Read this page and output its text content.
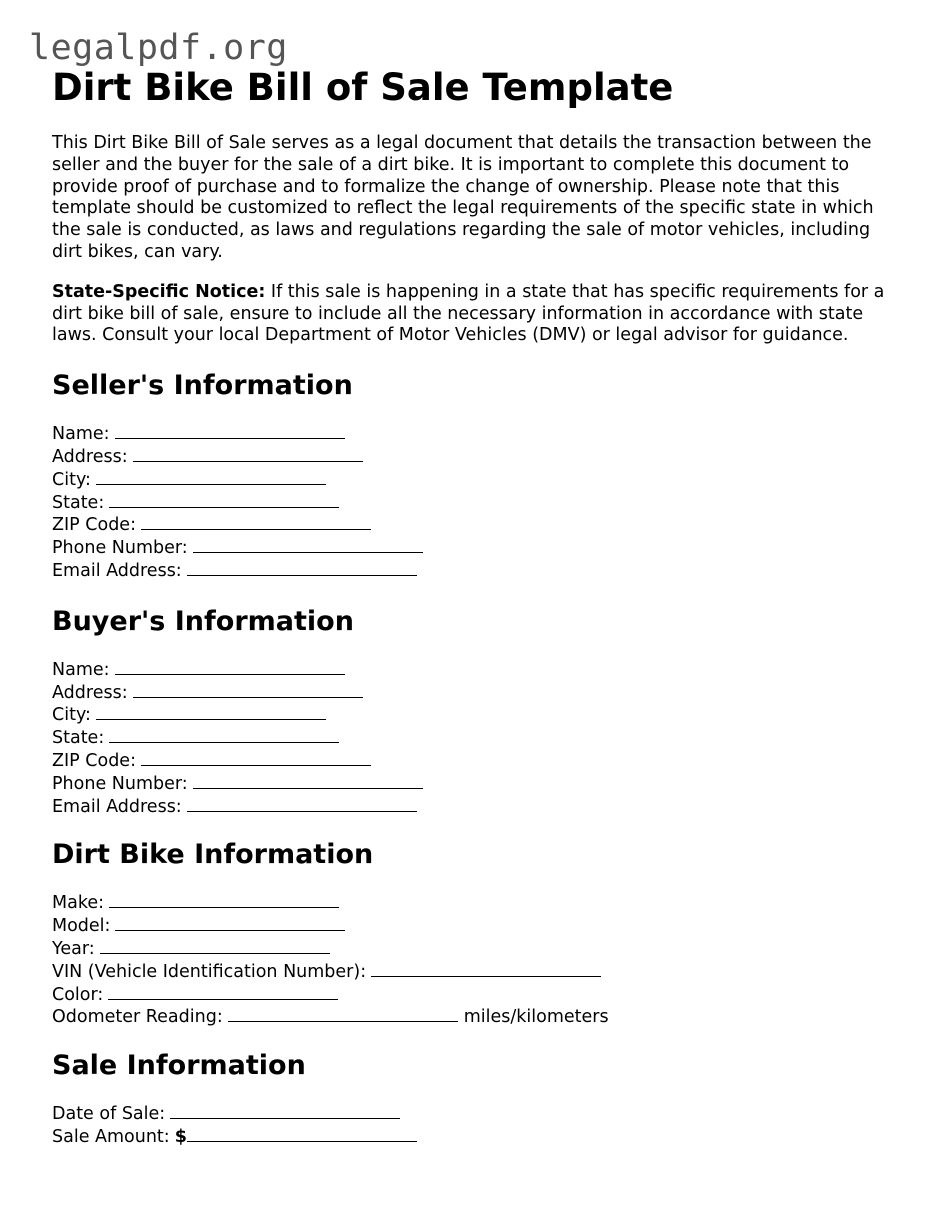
legalpdf.org
Dirt Bike Bill of Sale Template

This Dirt Bike Bill of Sale serves as a legal document that details the transaction between the seller and the buyer for the sale of a dirt bike. It is important to complete this document to provide proof of purchase and to formalize the change of ownership. Please note that this template should be customized to reflect the legal requirements of the specific state in which the sale is conducted, as laws and regulations regarding the sale of motor vehicles, including dirt bikes, can vary.

State-Specific Notice: If this sale is happening in a state that has specific requirements for a dirt bike bill of sale, ensure to include all the necessary information in accordance with state laws. Consult your local Department of Motor Vehicles (DMV) or legal advisor for guidance.

Seller's Information
Name:
Address:
City:
State:
ZIP Code:
Phone Number:
Email Address:
Buyer's Information
Name:
Address:
City:
State:
ZIP Code:
Phone Number:
Email Address:
Dirt Bike Information
Make:
Model:
Year:
VIN (Vehicle Identification Number):
Color:
Odometer Reading:	miles/kilometers
Sale Information
Date of Sale:
Sale Amount: $
